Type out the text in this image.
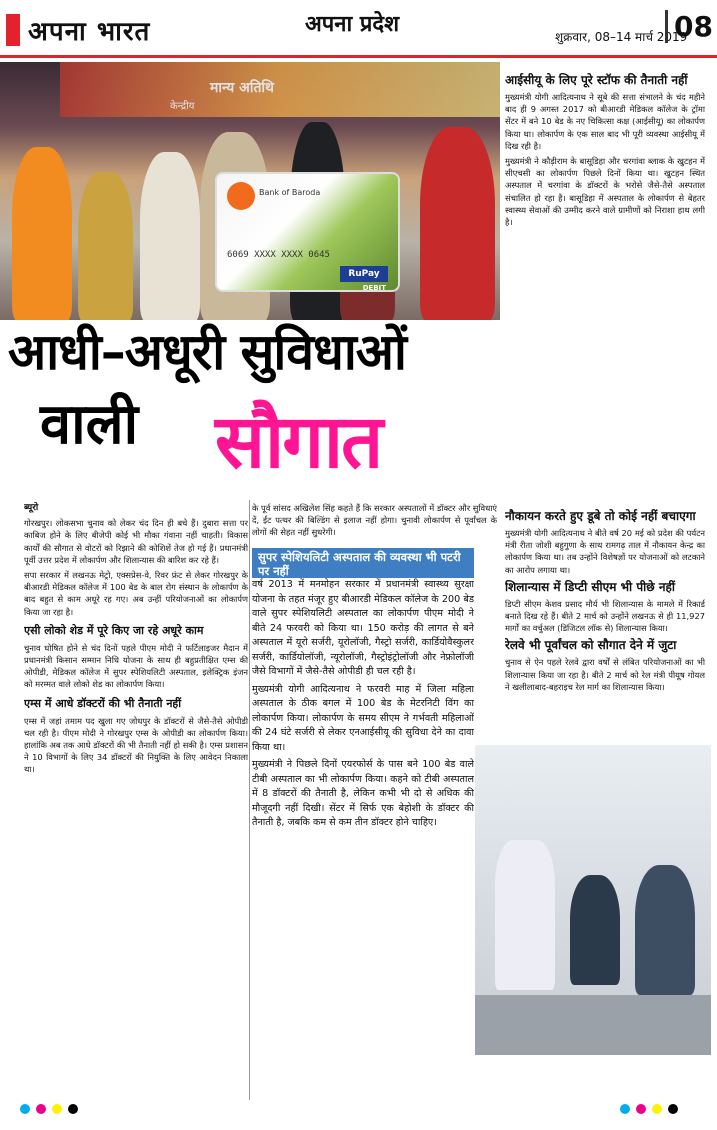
अपना भारत	अपना प्रदेश	शुक्रवार, 08–14 मार्च 2019
08
मान्य अतिथि
केन्द्रीय
Bank of Baroda
6069 XXXX XXXX 0645
RuPay
DEBIT
आधी–अधूरी सुविधाओं
वाली सौगात
ब्यूरो

गोरखपुर। लोकसभा चुनाव को लेकर चंद दिन ही बचे हैं। दुबारा सत्ता पर काबिज होने के लिए बीजेपी कोई भी मौका गंवाना नहीं चाहती। विकास कार्यों की सौगात से वोटरों को रिझाने की कोशिशें तेज हो गई हैं। प्रधानमंत्री पूर्वी उत्तर प्रदेश में लोकार्पण और शिलान्यास की बारिश कर रहे हैं।

सपा सरकार में लखनऊ मेट्रो, एक्सप्रेस-वे, रिवर फ्रंट से लेकर गोरखपुर के बीआरडी मेडिकल कॉलेज में 100 बेड के बाल रोग संस्थान के लोकार्पण के बाद बहुत से काम अधूरे रह गए। अब उन्हीं परियोजनाओं का लोकार्पण किया जा रहा है।

एसी लोको शेड में पूरे किए जा रहे अधूरे काम

चुनाव घोषित होने से चंद दिनों पहले पीएम मोदी ने फर्टिलाइजर मैदान में प्रधानमंत्री किसान सम्मान निधि योजना के साथ ही बहुप्रतीक्षित एम्स की ओपीडी, मेडिकल कॉलेज में सुपर स्पेशियलिटी अस्पताल, इलेक्ट्रिक इंजन को मरम्मत वाले लोको शेड का लोकार्पण किया।

एम्स में आधे डॉक्टरों की भी तैनाती नहीं

एम्स में जहां तमाम पद खुला गए जोधपुर के डॉक्टरों से जैसे-तैसे ओपीडी चल रही है। पीएम मोदी ने गोरखपुर एम्स के ओपीडी का लोकार्पण किया। हालांकि अब तक आधे डॉक्टरों की भी तैनाती नहीं हो सकी है। एम्स प्रशासन ने 10 विभागों के लिए 34 डॉक्टरों की नियुक्ति के लिए आवेदन निकाला था।

के पूर्व सांसद अखिलेश सिंह कहते हैं कि सरकार अस्पतालों में डॉक्टर और सुविधाएं दें, ईंट पत्थर की बिल्डिंग से इलाज नहीं होगा। चुनावी लोकार्पण से पूर्वांचल के लोगों की सेहत नहीं सुधरेगी।

सुपर स्पेशियलिटी अस्पताल की व्यवस्था भी पटरी पर नहीं

वर्ष 2013 में मनमोहन सरकार में प्रधानमंत्री स्वास्थ्य सुरक्षा योजना के तहत मंजूर हुए बीआरडी मेडिकल कॉलेज के 200 बेड वाले सुपर स्पेशियलिटी अस्पताल का लोकार्पण पीएम मोदी ने बीते 24 फरवरी को किया था। 150 करोड़ की लागत से बने अस्पताल में यूरो सर्जरी, यूरोलॉजी, गैस्ट्रो सर्जरी, कार्डियोवैस्कुलर सर्जरी, कार्डियोलॉजी, न्यूरोलॉजी, गैस्ट्रोइंट्रोलॉजी और नेफ्रोलॉजी जैसे विभागों में जैसे-तैसे ओपीडी ही चल रही है।

मुख्यमंत्री योगी आदित्यनाथ ने फरवरी माह में जिला महिला अस्पताल के ठीक बगल में 100 बेड के मेटरनिटी विंग का लोकार्पण किया। लोकार्पण के समय सीएम ने गर्भवती महिलाओं की 24 घंटे सर्जरी से लेकर एनआईसीयू की सुविधा देने का दावा किया था।

मुख्यमंत्री ने पिछले दिनों एयरफोर्स के पास बने 100 बेड वाले टीबी अस्पताल का भी लोकार्पण किया। कहने को टीबी अस्पताल में 8 डॉक्टरों की तैनाती है, लेकिन कभी भी दो से अधिक की मौजूदगी नहीं दिखी। सेंटर में सिर्फ एक बेहोशी के डॉक्टर की तैनाती है, जबकि कम से कम तीन डॉक्टर होने चाहिए।

आईसीयू के लिए पूरे स्टॉफ की तैनाती नहीं

मुख्यमंत्री योगी आदित्यनाथ ने सूबे की सत्ता संभालने के चंद महीने बाद ही 9 अगस्त 2017 को बीआरडी मेडिकल कॉलेज के ट्रॉमा सेंटर में बने 10 बेड के नए चिकित्सा कक्ष (आईसीयू) का लोकार्पण किया था। लोकार्पण के एक साल बाद भी पूरी व्यवस्था आईसीयू में दिख रही है।

मुख्यमंत्री ने कौड़ीराम के बासूडिहा और चरगांवा ब्लाक के खुटहन में सीएचसी का लोकार्पण पिछले दिनों किया था। खुटहन स्थित अस्पताल में चरगांवा के डॉक्टरों के भरोसे जैसे-तैसे अस्पताल संचालित हो रहा है। बासूडिहा में अस्पताल के लोकार्पण से बेहतर स्वास्थ्य सेवाओं की उम्मीद करने वाले ग्रामीणों को निराशा हाथ लगी है।

नौकायन करते हुए डूबे तो कोई नहीं बचाएगा

मुख्यमंत्री योगी आदित्यनाथ ने बीते वर्ष 20 मई को प्रदेश की पर्यटन मंत्री रीता जोशी बहुगुणा के साथ रामगढ़ ताल में नौकायन केन्द्र का लोकार्पण किया था। तब उन्होंने विशेषज्ञों पर योजनाओं को लटकाने का आरोप लगाया था।

शिलान्यास में डिप्टी सीएम भी पीछे नहीं

डिप्टी सीएम केशव प्रसाद मौर्य भी शिलान्यास के मामले में रिकार्ड बनाते दिख रहे हैं। बीते 2 मार्च को उन्होंने लखनऊ से ही 11,927 मार्गों का वर्चुअल (डिजिटल लॉक से) शिलान्यास किया।

रेलवे भी पूर्वांचल को सौगात देने में जुटा

चुनाव से ऐन पहले रेलवे द्वारा वर्षों से लंबित परियोजनाओं का भी शिलान्यास किया जा रहा है। बीते 2 मार्च को रेल मंत्री पीयूष गोयल ने खलीलाबाद-बहराइच रेल मार्ग का शिलान्यास किया।
